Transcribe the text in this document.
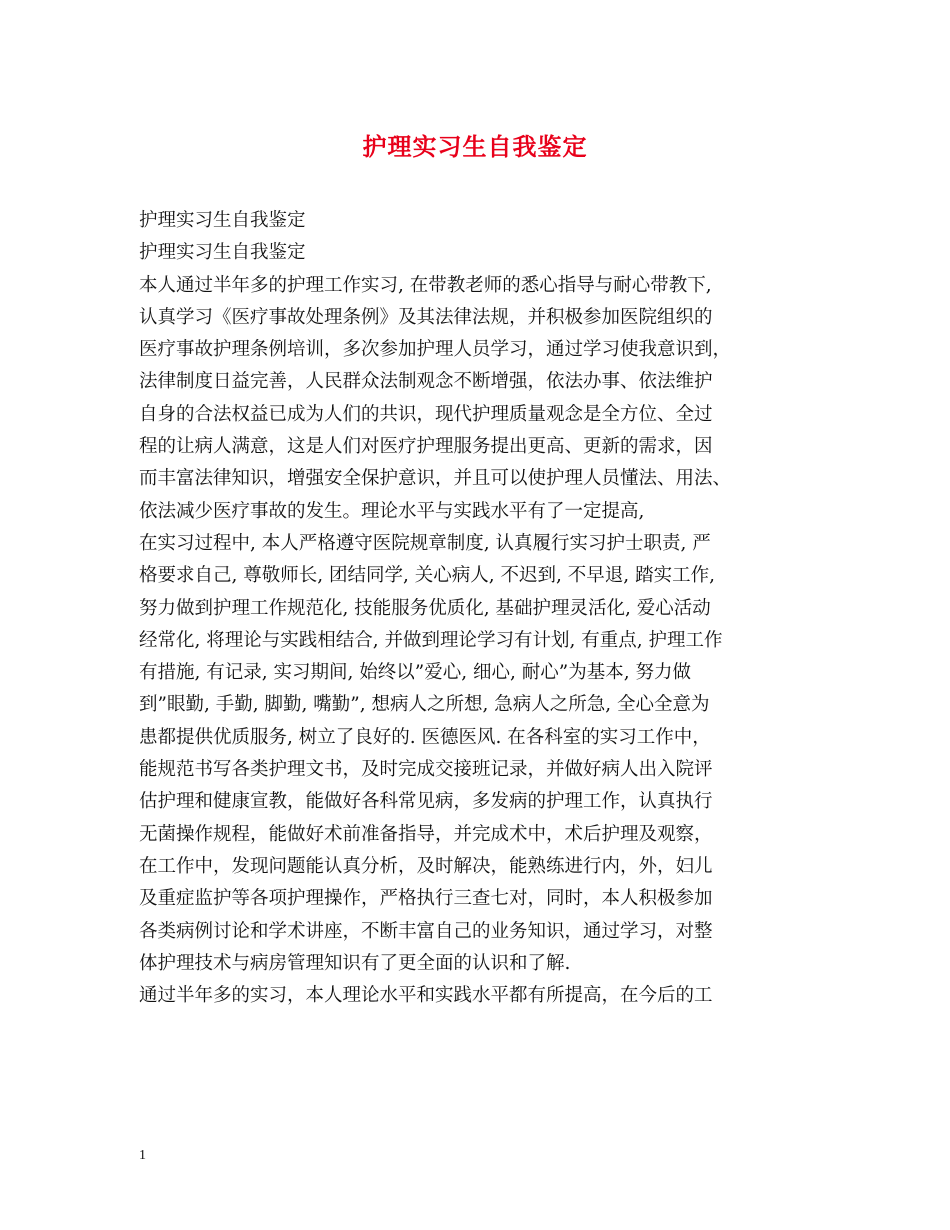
护理实习生自我鉴定
护理实习生自我鉴定
护理实习生自我鉴定
本人通过半年多的护理工作实习, 在带教老师的悉心指导与耐心带教下,
认真学习《医疗事故处理条例》及其法律法规，并积极参加医院组织的
医疗事故护理条例培训，多次参加护理人员学习，通过学习使我意识到，
法律制度日益完善，人民群众法制观念不断增强，依法办事、依法维护
自身的合法权益已成为人们的共识，现代护理质量观念是全方位、全过
程的让病人满意，这是人们对医疗护理服务提出更高、更新的需求，因
而丰富法律知识，增强安全保护意识，并且可以使护理人员懂法、用法、
依法减少医疗事故的发生。理论水平与实践水平有了一定提高,
在实习过程中, 本人严格遵守医院规章制度, 认真履行实习护士职责, 严
格要求自己, 尊敬师长, 团结同学, 关心病人, 不迟到, 不早退, 踏实工作,
努力做到护理工作规范化, 技能服务优质化, 基础护理灵活化, 爱心活动
经常化, 将理论与实践相结合, 并做到理论学习有计划, 有重点, 护理工作
有措施, 有记录, 实习期间, 始终以”爱心, 细心, 耐心”为基本, 努力做
到”眼勤, 手勤, 脚勤, 嘴勤”, 想病人之所想, 急病人之所急, 全心全意为
患都提供优质服务, 树立了良好的. 医德医风. 在各科室的实习工作中，
能规范书写各类护理文书，及时完成交接班记录，并做好病人出入院评
估护理和健康宣教，能做好各科常见病，多发病的护理工作，认真执行
无菌操作规程，能做好术前准备指导，并完成术中，术后护理及观察，
在工作中，发现问题能认真分析，及时解决，能熟练进行内，外，妇儿
及重症监护等各项护理操作，严格执行三查七对，同时，本人积极参加
各类病例讨论和学术讲座，不断丰富自己的业务知识，通过学习，对整
体护理技术与病房管理知识有了更全面的认识和了解.
通过半年多的实习，本人理论水平和实践水平都有所提高，在今后的工
1
